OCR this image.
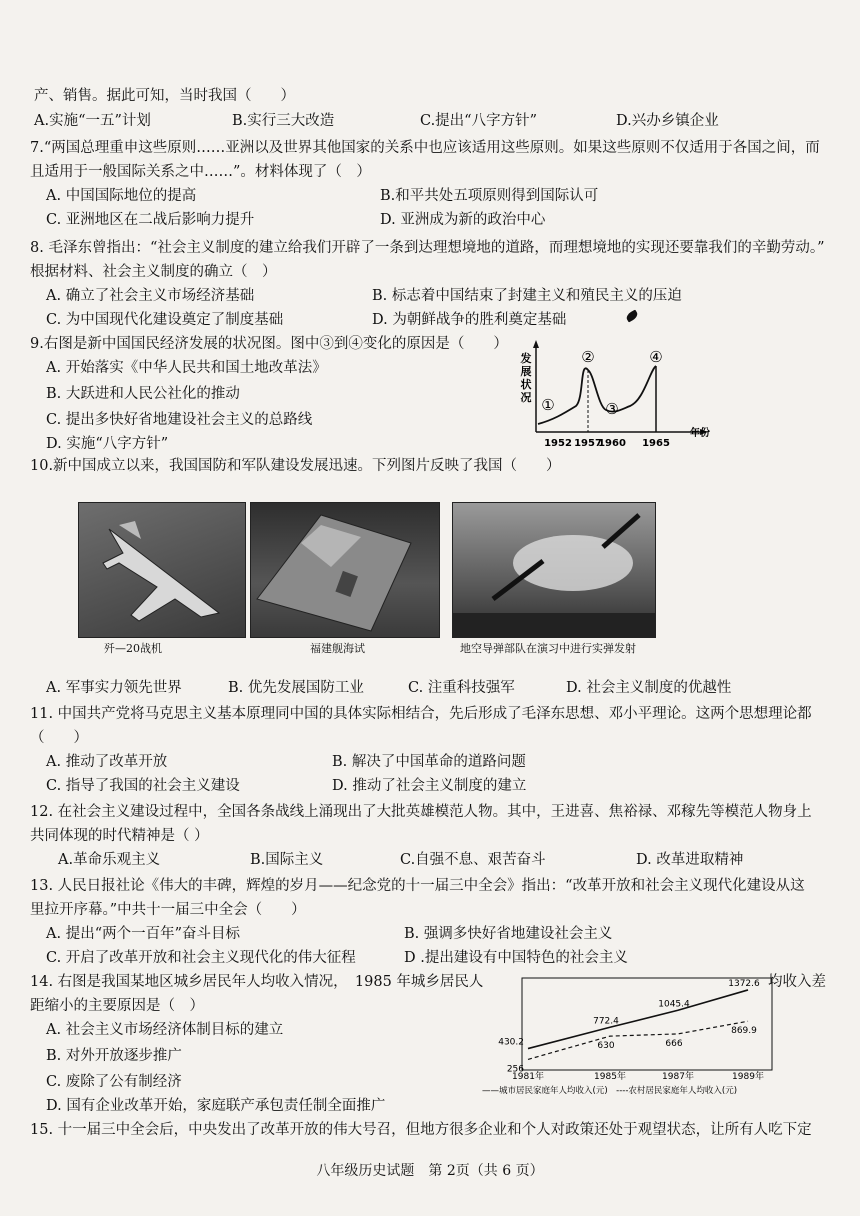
产、销售。据此可知，当时我国（　　）
A.实施“一五”计划	B.实行三大改造	C.提出“八字方针”	D.兴办乡镇企业
7.“两国总理重申这些原则……亚洲以及世界其他国家的关系中也应该适用这些原则。如果这些原则不仅适用于各国之间，而
且适用于一般国际关系之中……”。材料体现了（　）
A. 中国国际地位的提高	B.和平共处五项原则得到国际认可
C. 亚洲地区在二战后影响力提升	D. 亚洲成为新的政治中心
8. 毛泽东曾指出：“社会主义制度的建立给我们开辟了一条到达理想境地的道路，而理想境地的实现还要靠我们的辛勤劳动。”
根据材料、社会主义制度的确立（　）
A. 确立了社会主义市场经济基础	B. 标志着中国结束了封建主义和殖民主义的压迫
C. 为中国现代化建设奠定了制度基础	D. 为朝鲜战争的胜利奠定基础
9.右图是新中国国民经济发展的状况图。图中③到④变化的原因是（　　）
A. 开始落实《中华人民共和国土地改革法》
B. 大跃进和人民公社化的推动
C. 提出多快好省地建设社会主义的总路线
D. 实施“八字方针”
发
展
状
况 ①
②
③
④
1952 1957
1960 1965
年份
10.新中国成立以来，我国国防和军队建设发展迅速。下列图片反映了我国（　　）
歼—20战机	福建舰海试	地空导弹部队在演习中进行实弹发射
A. 军事实力领先世界	B. 优先发展国防工业	C. 注重科技强军	D. 社会主义制度的优越性
11. 中国共产党将马克思主义基本原理同中国的具体实际相结合，先后形成了毛泽东思想、邓小平理论。这两个思想理论都
（　　）
A. 推动了改革开放	B. 解决了中国革命的道路问题
C. 指导了我国的社会主义建设	D. 推动了社会主义制度的建立
12. 在社会主义建设过程中，全国各条战线上涌现出了大批英雄模范人物。其中，王进喜、焦裕禄、邓稼先等模范人物身上
共同体现的时代精神是（ ）
A.革命乐观主义	B.国际主义	C.自强不息、艰苦奋斗	D. 改革进取精神
13. 人民日报社论《伟大的丰碑，辉煌的岁月——纪念党的十一届三中全会》指出：“改革开放和社会主义现代化建设从这
里拉开序幕。”中共十一届三中全会（　　）
A. 提出“两个一百年”奋斗目标	B. 强调多快好省地建设社会主义
C. 开启了改革开放和社会主义现代化的伟大征程	D .提出建设有中国特色的社会主义
14. 右图是我国某地区城乡居民年人均收入情况，　1985 年城乡居民人	均收入差
距缩小的主要原因是（　）
A. 社会主义市场经济体制目标的建立
B. 对外开放逐步推广
C. 废除了公有制经济
D. 国有企业改革开始，家庭联产承包责任制全面推广
430.2
772.4
1045.4
1372.6
256
630	666
869.9
1981年	1985年	1987年	1989年
——城市居民家庭年人均收入(元)　----农村居民家庭年人均收入(元)
15. 十一届三中全会后，中央发出了改革开放的伟大号召，但地方很多企业和个人对政策还处于观望状态，让所有人吃下定
八年级历史试题　第 2页（共 6 页）
